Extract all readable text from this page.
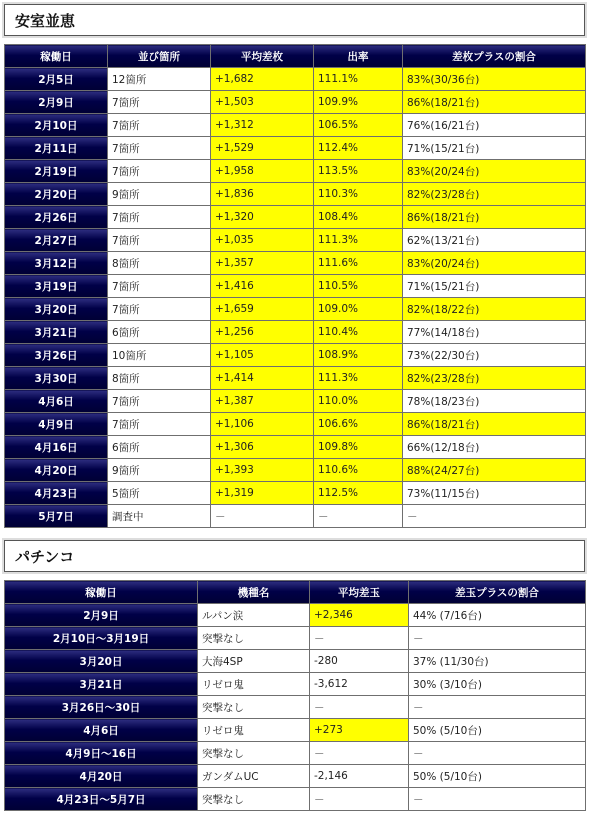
安室並恵
稼働日	並び箇所	平均差枚	出率	差枚プラスの割合
2月5日	12箇所	+1,682	111.1%	83%(30/36台)
2月9日	7箇所	+1,503	109.9%	86%(18/21台)
2月10日	7箇所	+1,312	106.5%	76%(16/21台)
2月11日	7箇所	+1,529	112.4%	71%(15/21台)
2月19日	7箇所	+1,958	113.5%	83%(20/24台)
2月20日	9箇所	+1,836	110.3%	82%(23/28台)
2月26日	7箇所	+1,320	108.4%	86%(18/21台)
2月27日	7箇所	+1,035	111.3%	62%(13/21台)
3月12日	8箇所	+1,357	111.6%	83%(20/24台)
3月19日	7箇所	+1,416	110.5%	71%(15/21台)
3月20日	7箇所	+1,659	109.0%	82%(18/22台)
3月21日	6箇所	+1,256	110.4%	77%(14/18台)
3月26日	10箇所	+1,105	108.9%	73%(22/30台)
3月30日	8箇所	+1,414	111.3%	82%(23/28台)
4月6日	7箇所	+1,387	110.0%	78%(18/23台)
4月9日	7箇所	+1,106	106.6%	86%(18/21台)
4月16日	6箇所	+1,306	109.8%	66%(12/18台)
4月20日	9箇所	+1,393	110.6%	88%(24/27台)
4月23日	5箇所	+1,319	112.5%	73%(11/15台)
5月7日	調査中	－	－	－
パチンコ
稼働日	機種名	平均差玉	差玉プラスの割合
2月9日	ルパン涙	+2,346	44% (7/16台)
2月10日～3月19日	突撃なし	－	－
3月20日	大海4SP	-280	37% (11/30台)
3月21日	リゼロ鬼	-3,612	30% (3/10台)
3月26日～30日	突撃なし	－	－
4月6日	リゼロ鬼	+273	50% (5/10台)
4月9日～16日	突撃なし	－	－
4月20日	ガンダムUC	-2,146	50% (5/10台)
4月23日～5月7日	突撃なし	－	－
